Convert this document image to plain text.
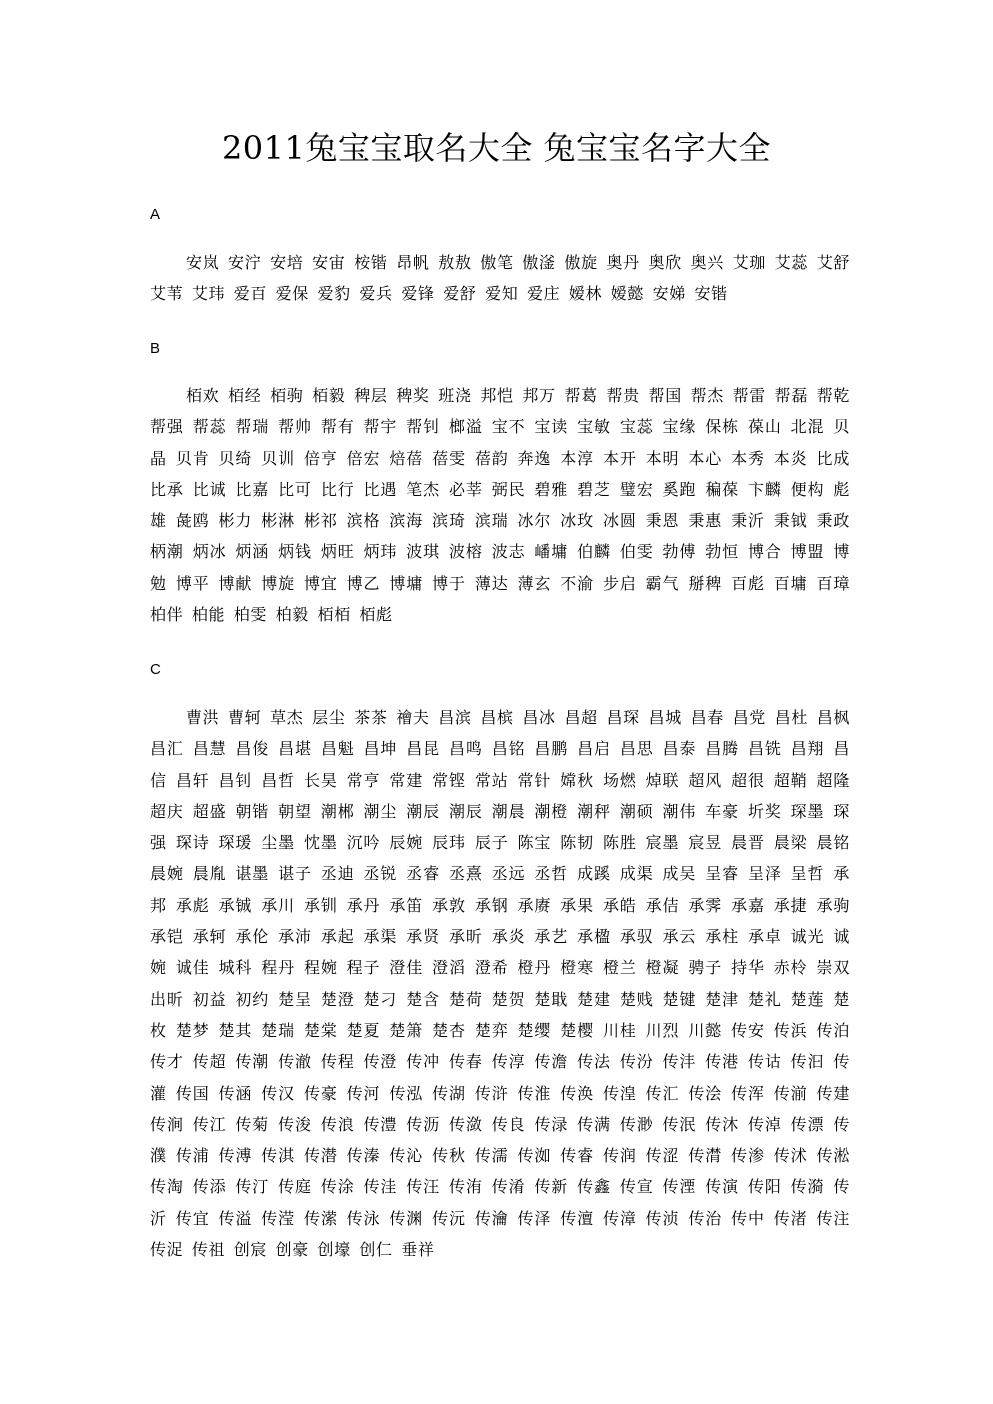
2011兔宝宝取名大全 兔宝宝名字大全
A
安岚 安泞 安培 安宙 桉锴 昂帆 敖敖 傲笔 傲滏 傲旋 奥丹 奥欣 奥兴 艾珈 艾蕊 艾舒 艾苇 艾玮 爱百 爱保 爱豹 爱兵 爱锋 爱舒 爱知 爱庄 嫒林 嫒懿 安娣 安锴
B
栢欢 栢经 栢驹 栢毅 稗层 稗奖 班浇 邦恺 邦万 帮葛 帮贵 帮国 帮杰 帮雷 帮磊 帮乾 帮强 帮蕊 帮瑞 帮帅 帮有 帮宇 帮钊 榔溢 宝不 宝读 宝敏 宝蕊 宝缘 保栋 葆山 北混 贝晶 贝肯 贝绮 贝训 倍亨 倍宏 焙蓓 蓓雯 蓓韵 奔逸 本淳 本开 本明 本心 本秀 本炎 比成 比承 比诚 比嘉 比可 比行 比遇 笔杰 必莘 弼民 碧雅 碧芝 璧宏 奚跑 稨葆 卞麟 便构 彪雄 彘鸥 彬力 彬淋 彬祁 滨格 滨海 滨琦 滨瑞 冰尔 冰玫 冰圆 秉恩 秉惠 秉沂 秉钺 秉政 柄潮 炳冰 炳涵 炳钱 炳旺 炳玮 波琪 波榕 波志 嶓墉 伯麟 伯雯 勃傅 勃恒 博合 博盟 博勉 博平 博献 博旋 博宜 博乙 博墉 博于 薄达 薄玄 不渝 步启 霸气 掰稗 百彪 百墉 百璋 柏伴 柏能 柏雯 柏毅 栢栢 栢彪
C
曹洪 曹轲 草杰 层尘 茶茶 禬夫 昌滨 昌槟 昌冰 昌超 昌琛 昌城 昌春 昌党 昌杜 昌枫 昌汇 昌慧 昌俊 昌堪 昌魁 昌坤 昌昆 昌鸣 昌铭 昌鹏 昌启 昌思 昌泰 昌腾 昌铣 昌翔 昌信 昌轩 昌钊 昌哲 长昊 常亨 常建 常铿 常站 常针 嫦秋 场燃 焯联 超风 超很 超鞘 超隆 超庆 超盛 朝锴 朝望 潮郴 潮尘 潮辰 潮辰 潮晨 潮橙 潮秤 潮硕 潮伟 车豪 圻奖 琛墨 琛强 琛诗 琛瑗 尘墨 忱墨 沉吟 辰婉 辰玮 辰子 陈宝 陈韧 陈胜 宸墨 宸昱 晨晋 晨梁 晨铭 晨婉 晨胤 谌墨 谌子 丞迪 丞锐 丞睿 丞熹 丞远 丞哲 成蹊 成渠 成吴 呈睿 呈泽 呈哲 承邦 承彪 承铖 承川 承钏 承丹 承笛 承敦 承钢 承赓 承果 承皓 承佶 承霁 承嘉 承捷 承驹 承铠 承轲 承伦 承沛 承起 承渠 承贤 承昕 承炎 承艺 承楹 承驭 承云 承柱 承卓 诚光 诚婉 诚佳 城科 程丹 程婉 程子 澄佳 澄滔 澄希 橙丹 橙寒 橙兰 橙凝 骋子 持华 赤柃 崇双 出昕 初益 初约 楚呈 楚澄 楚刁 楚含 楚荷 楚贺 楚戢 楚建 楚贱 楚键 楚津 楚礼 楚莲 楚枚 楚梦 楚其 楚瑞 楚棠 楚夏 楚箫 楚杏 楚弈 楚缨 楚樱 川桂 川烈 川懿 传安 传浜 传泊 传才 传超 传潮 传澈 传程 传澄 传冲 传春 传淳 传澹 传法 传汾 传沣 传港 传诂 传汩 传灌 传国 传涵 传汉 传豪 传河 传泓 传湖 传浒 传淮 传涣 传湟 传汇 传浍 传浑 传湔 传建 传涧 传江 传菊 传浚 传浪 传澧 传沥 传潋 传良 传渌 传满 传渺 传泯 传沐 传淖 传漂 传濮 传浦 传溥 传淇 传潜 传溱 传沁 传秋 传濡 传洳 传睿 传润 传涩 传潸 传渗 传沭 传淞 传淘 传添 传汀 传庭 传涂 传洼 传汪 传洧 传淆 传新 传鑫 传宣 传湮 传演 传阳 传漪 传沂 传宜 传溢 传滢 传潆 传泳 传渊 传沅 传瀹 传泽 传澶 传漳 传浈 传治 传中 传渚 传注 传浞 传祖 创宸 创豪 创壕 创仁 垂祥
